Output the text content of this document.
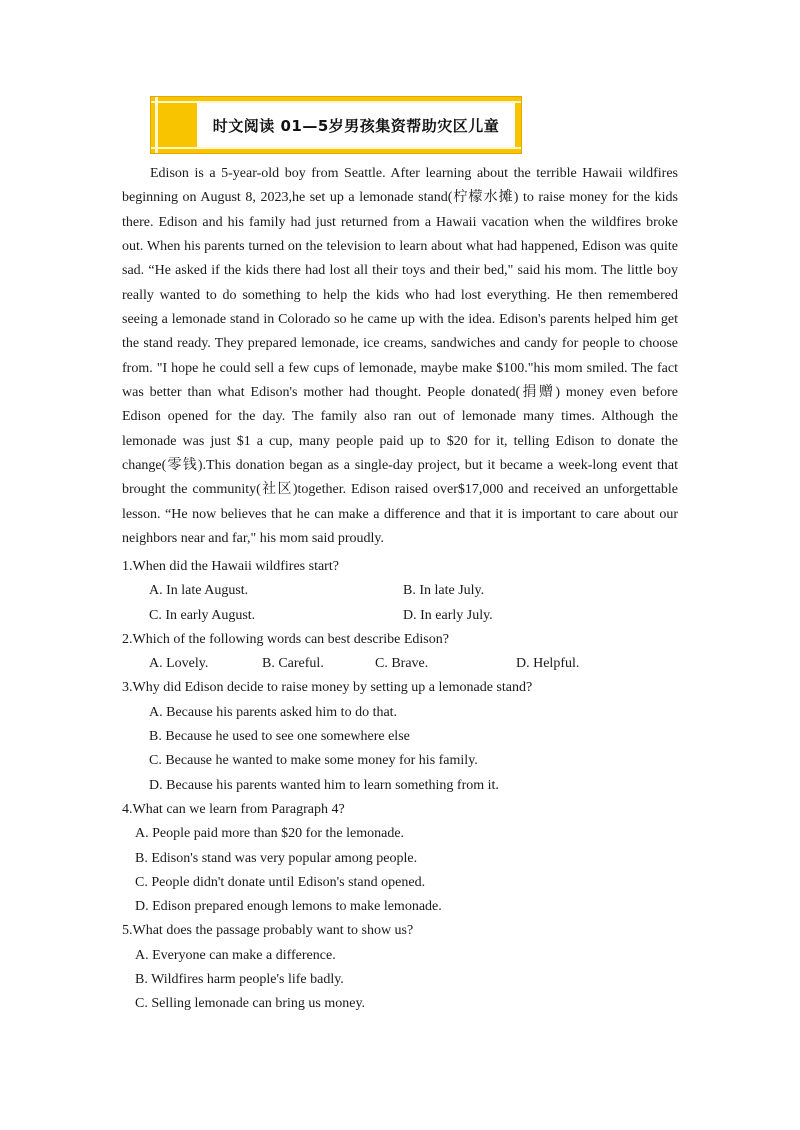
时文阅读 01—5岁男孩集资帮助灾区儿童

Edison is a 5-year-old boy from Seattle. After learning about the terrible Hawaii wildfires beginning on August 8, 2023,he set up a lemonade stand(柠檬水摊) to raise money for the kids there. Edison and his family had just returned from a Hawaii vacation when the wildfires broke out. When his parents turned on the television to learn about what had happened, Edison was quite sad. “He asked if the kids there had lost all their toys and their bed," said his mom. The little boy really wanted to do something to help the kids who had lost everything. He then remembered seeing a lemonade stand in Colorado so he came up with the idea. Edison's parents helped him get the stand ready. They prepared lemonade, ice creams, sandwiches and candy for people to choose from. "I hope he could sell a few cups of lemonade, maybe make $100."his mom smiled. The fact was better than what Edison's mother had thought. People donated(捐赠) money even before Edison opened for the day. The family also ran out of lemonade many times. Although the lemonade was just $1 a cup, many people paid up to $20 for it, telling Edison to donate the change(零钱).This donation began as a single-day project, but it became a week-long event that brought the community(社区)together. Edison raised over$17,000 and received an unforgettable lesson. “He now believes that he can make a difference and that it is important to care about our neighbors near and far," his mom said proudly.

1.When did the Hawaii wildfires start?
A. In late August.	B. In late July.
C. In early August.	D. In early July.
2.Which of the following words can best describe Edison?
A. Lovely.	B. Careful.	C. Brave.	D. Helpful.
3.Why did Edison decide to raise money by setting up a lemonade stand?
A. Because his parents asked him to do that.
B. Because he used to see one somewhere else
C. Because he wanted to make some money for his family.
D. Because his parents wanted him to learn something from it.
4.What can we learn from Paragraph 4?
A. People paid more than $20 for the lemonade.
B. Edison's stand was very popular among people.
C. People didn't donate until Edison's stand opened.
D. Edison prepared enough lemons to make lemonade.
5.What does the passage probably want to show us?
A. Everyone can make a difference.
B. Wildfires harm people's life badly.
C. Selling lemonade can bring us money.
